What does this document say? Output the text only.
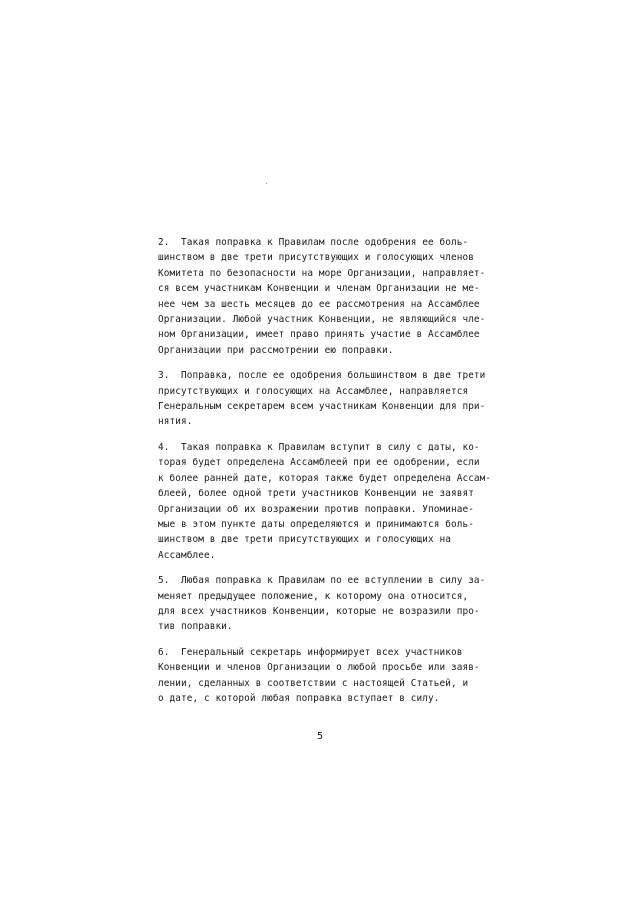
2.  Такая поправка к Правилам после одобрения ее боль-
шинством в две трети присутствующих и голосующих членов
Комитета по безопасности на море Организации, направляет-
ся всем участникам Конвенции и членам Организации не ме-
нее чем за шесть месяцев до ее рассмотрения на Ассамблее
Организации. Любой участник Конвенции, не являющийся чле-
ном Организации, имеет право принять участие в Ассамблее
Организации при рассмотрении ею поправки.
3.  Поправка, после ее одобрения большинством в две трети
присутствующих и голосующих на Ассамблее, направляется
Генеральным секретарем всем участникам Конвенции для при-
нятия.
4.  Такая поправка к Правилам вступит в силу с даты, ко-
торая будет определена Ассамблеей при ее одобрении, если
к более ранней дате, которая также будет определена Ассам-
блеей, более одной трети участников Конвенции не заявят
Организации об их возражении против поправки. Упоминае-
мые в этом пункте даты определяются и принимаются боль-
шинством в две трети присутствующих и голосующих на
Ассамблее.
5.  Любая поправка к Правилам по ее вступлении в силу за-
меняет предыдущее положение, к которому она относится,
для всех участников Конвенции, которые не возразили про-
тив поправки.
6.  Генеральный секретарь информирует всех участников
Конвенции и членов Организации о любой просьбе или заяв-
лении, сделанных в соответствии с настоящей Статьей, и
о дате, с которой любая поправка вступает в силу.
5
